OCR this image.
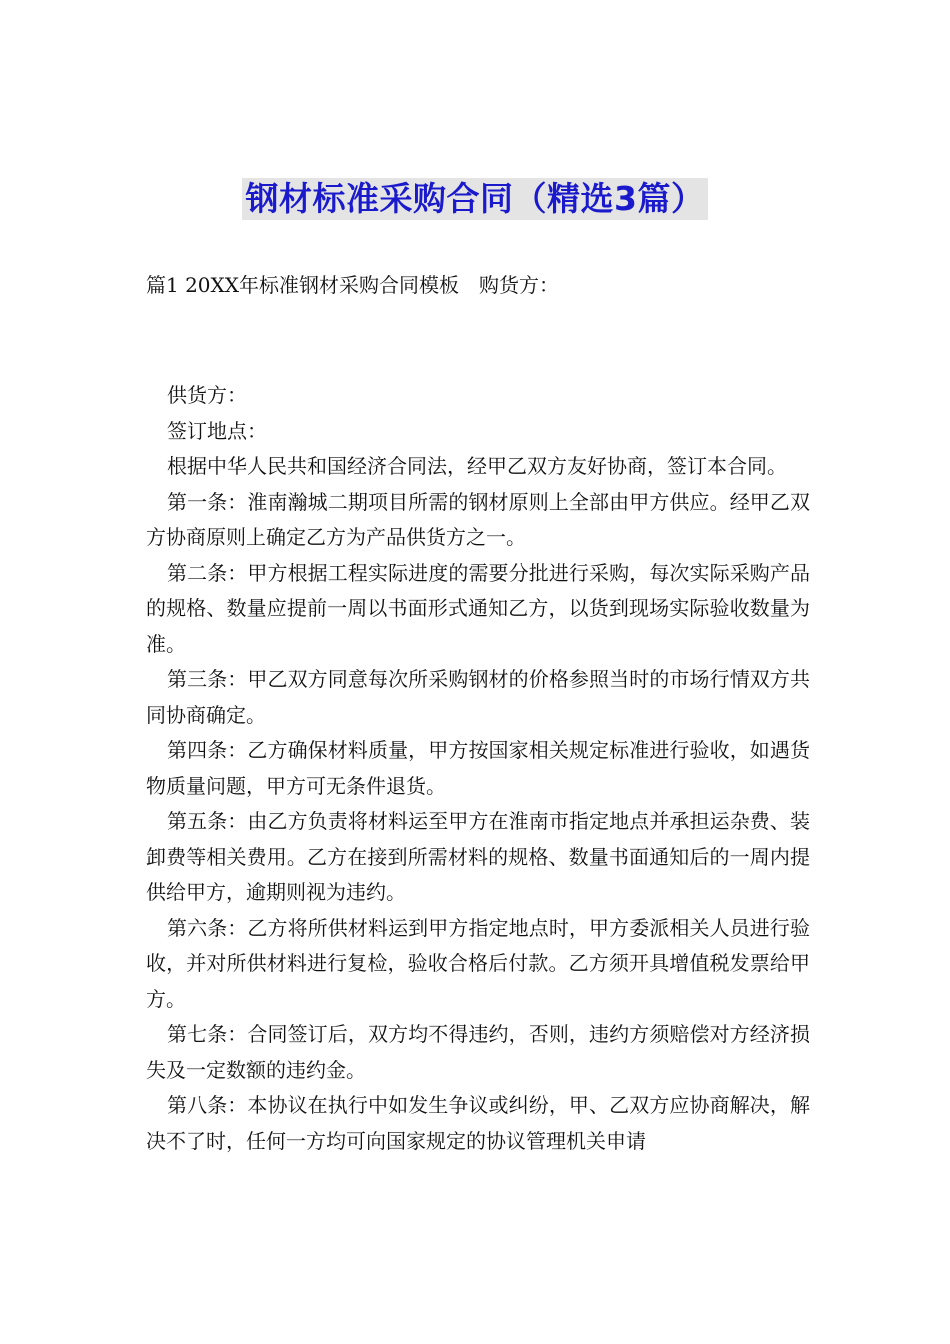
钢材标准采购合同（精选3篇）
篇1 20XX年标准钢材采购合同模板　购货方：

供货方：

签订地点：

根据中华人民共和国经济合同法，经甲乙双方友好协商，签订本合同。

第一条：淮南瀚城二期项目所需的钢材原则上全部由甲方供应。经甲乙双方协商原则上确定乙方为产品供货方之一。

第二条：甲方根据工程实际进度的需要分批进行采购，每次实际采购产品的规格、数量应提前一周以书面形式通知乙方，以货到现场实际验收数量为准。

第三条：甲乙双方同意每次所采购钢材的价格参照当时的市场行情双方共同协商确定。

第四条：乙方确保材料质量，甲方按国家相关规定标准进行验收，如遇货物质量问题，甲方可无条件退货。

第五条：由乙方负责将材料运至甲方在淮南市指定地点并承担运杂费、装卸费等相关费用。乙方在接到所需材料的规格、数量书面通知后的一周内提供给甲方，逾期则视为违约。

第六条：乙方将所供材料运到甲方指定地点时，甲方委派相关人员进行验收，并对所供材料进行复检，验收合格后付款。乙方须开具增值税发票给甲方。

第七条：合同签订后，双方均不得违约，否则，违约方须赔偿对方经济损失及一定数额的违约金。

第八条：本协议在执行中如发生争议或纠纷，甲、乙双方应协商解决，解决不了时，任何一方均可向国家规定的协议管理机关申请
